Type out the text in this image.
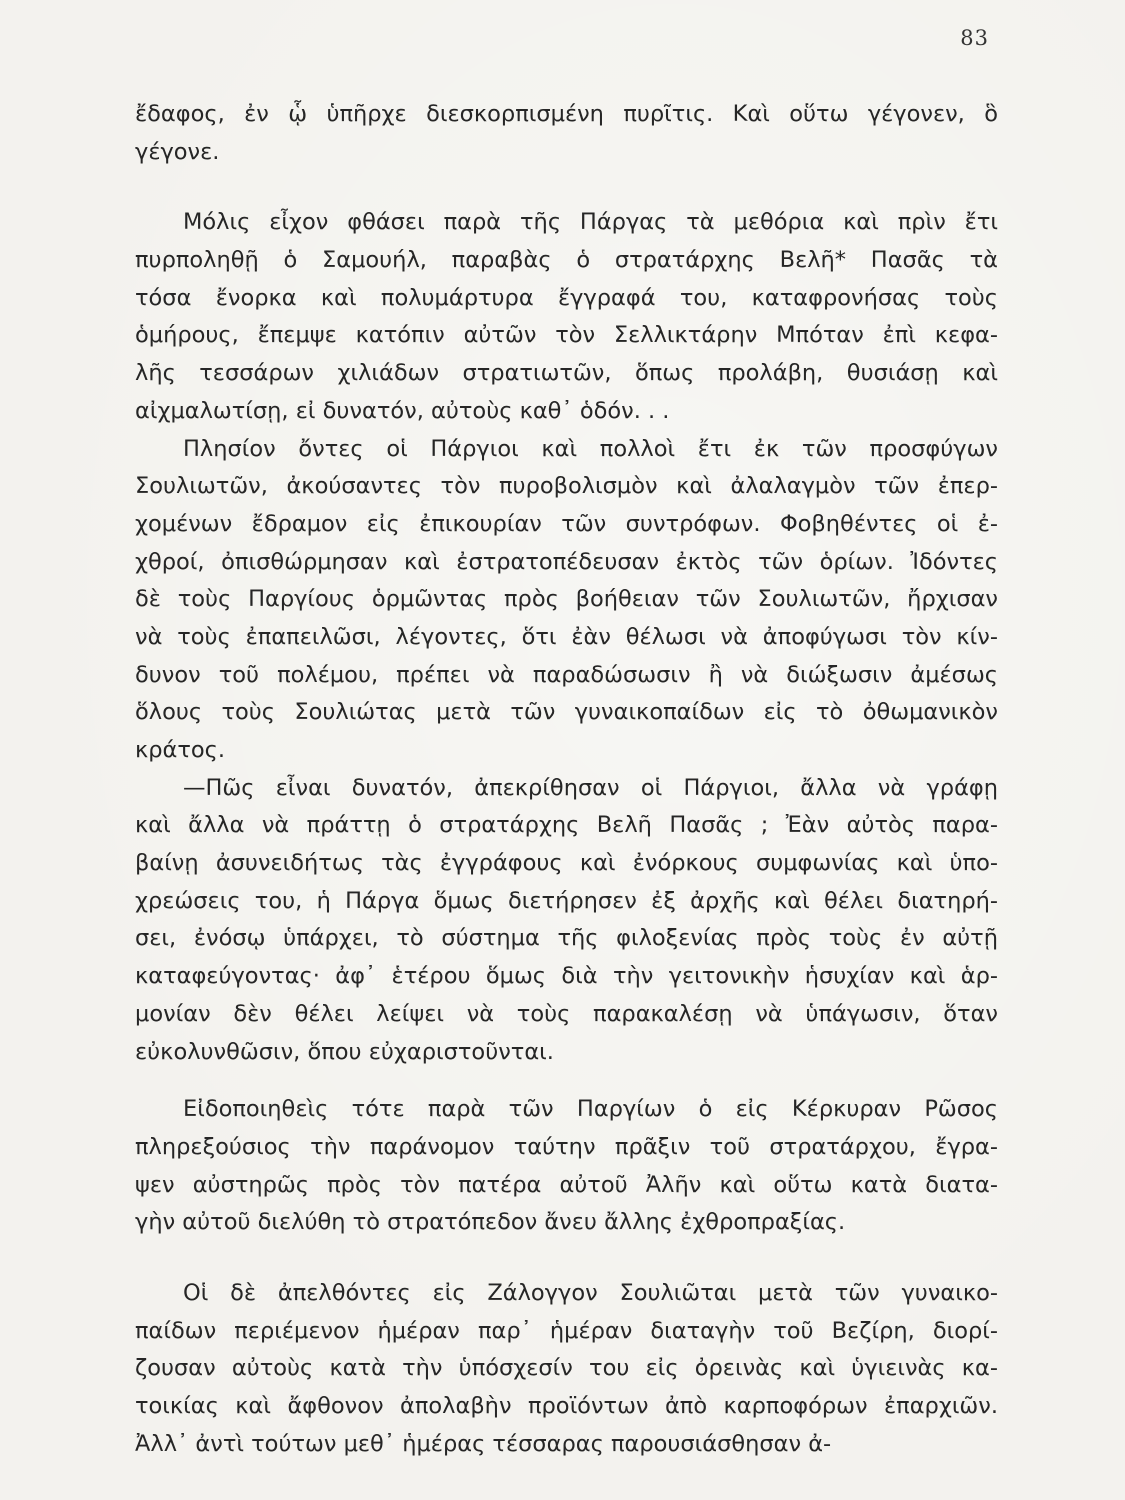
83
ἔδαφος, ἐν ᾧ ὑπῆρχε διεσκορπισμένη πυρῖτις. Καὶ οὕτω γέγονεν, ὃ
γέγονε.
Μόλις εἶχον φθάσει παρὰ τῆς Πάργας τὰ μεθόρια καὶ πρὶν ἔτι
πυρποληθῇ ὁ Σαμουήλ, παραβὰς ὁ στρατάρχης Βελῆ* Πασᾶς τὰ
τόσα ἔνορκα καὶ πολυμάρτυρα ἔγγραφά του, καταφρονήσας τοὺς
ὁμήρους, ἔπεμψε κατόπιν αὐτῶν τὸν Σελλικτάρην Μπόταν ἐπὶ κεφα-
λῆς τεσσάρων χιλιάδων στρατιωτῶν, ὅπως προλάβη, θυσιάσῃ καὶ
αἰχμαλωτίσῃ, εἰ δυνατόν, αὐτοὺς καθ᾿ ὁδόν. . .
Πλησίον ὄντες οἱ Πάργιοι καὶ πολλοὶ ἔτι ἐκ τῶν προσφύγων
Σουλιωτῶν, ἀκούσαντες τὸν πυροβολισμὸν καὶ ἀλαλαγμὸν τῶν ἐπερ-
χομένων ἔδραμον εἰς ἐπικουρίαν τῶν συντρόφων. Φοβηθέντες οἱ ἐ-
χθροί, ὀπισθώρμησαν καὶ ἐστρατοπέδευσαν ἐκτὸς τῶν ὁρίων. Ἰδόντες
δὲ τοὺς Παργίους ὁρμῶντας πρὸς βοήθειαν τῶν Σουλιωτῶν, ἤρχισαν
νὰ τοὺς ἐπαπειλῶσι, λέγοντες, ὅτι ἐὰν θέλωσι νὰ ἀποφύγωσι τὸν κίν-
δυνον τοῦ πολέμου, πρέπει νὰ παραδώσωσιν ἢ νὰ διώξωσιν ἀμέσως
ὅλους τοὺς Σουλιώτας μετὰ τῶν γυναικοπαίδων εἰς τὸ ὀθωμανικὸν
κράτος.
—Πῶς εἶναι δυνατόν, ἀπεκρίθησαν οἱ Πάργιοι, ἄλλα νὰ γράφῃ
καὶ ἄλλα νὰ πράττῃ ὁ στρατάρχης Βελῆ Πασᾶς ; Ἐὰν αὐτὸς παρα-
βαίνῃ ἀσυνειδήτως τὰς ἐγγράφους καὶ ἐνόρκους συμφωνίας καὶ ὑπο-
χρεώσεις του, ἡ Πάργα ὅμως διετήρησεν ἐξ ἀρχῆς καὶ θέλει διατηρή-
σει, ἐνόσῳ ὑπάρχει, τὸ σύστημα τῆς φιλοξενίας πρὸς τοὺς ἐν αὐτῇ
καταφεύγοντας· ἀφ᾿ ἑτέρου ὅμως διὰ τὴν γειτονικὴν ἡσυχίαν καὶ ἁρ-
μονίαν δὲν θέλει λείψει νὰ τοὺς παρακαλέσῃ νὰ ὑπάγωσιν, ὅταν
εὐκολυνθῶσιν, ὅπου εὐχαριστοῦνται.
Εἰδοποιηθεὶς τότε παρὰ τῶν Παργίων ὁ εἰς Κέρκυραν Ρῶσος
πληρεξούσιος τὴν παράνομον ταύτην πρᾶξιν τοῦ στρατάρχου, ἔγρα-
ψεν αὐστηρῶς πρὸς τὸν πατέρα αὐτοῦ Ἀλῆν καὶ οὕτω κατὰ διατα-
γὴν αὐτοῦ διελύθη τὸ στρατόπεδον ἄνευ ἄλλης ἐχθροπραξίας.
Οἱ δὲ ἀπελθόντες εἰς Ζάλογγον Σουλιῶται μετὰ τῶν γυναικο-
παίδων περιέμενον ἡμέραν παρ᾿ ἡμέραν διαταγὴν τοῦ Βεζίρη, διορί-
ζουσαν αὐτοὺς κατὰ τὴν ὑπόσχεσίν του εἰς ὀρεινὰς καὶ ὑγιεινὰς κα-
τοικίας καὶ ἄφθονον ἀπολαβὴν προϊόντων ἀπὸ καρποφόρων ἐπαρχιῶν.
Ἀλλ᾿ ἀντὶ τούτων μεθ᾿ ἡμέρας τέσσαρας παρουσιάσθησαν ἀ-
